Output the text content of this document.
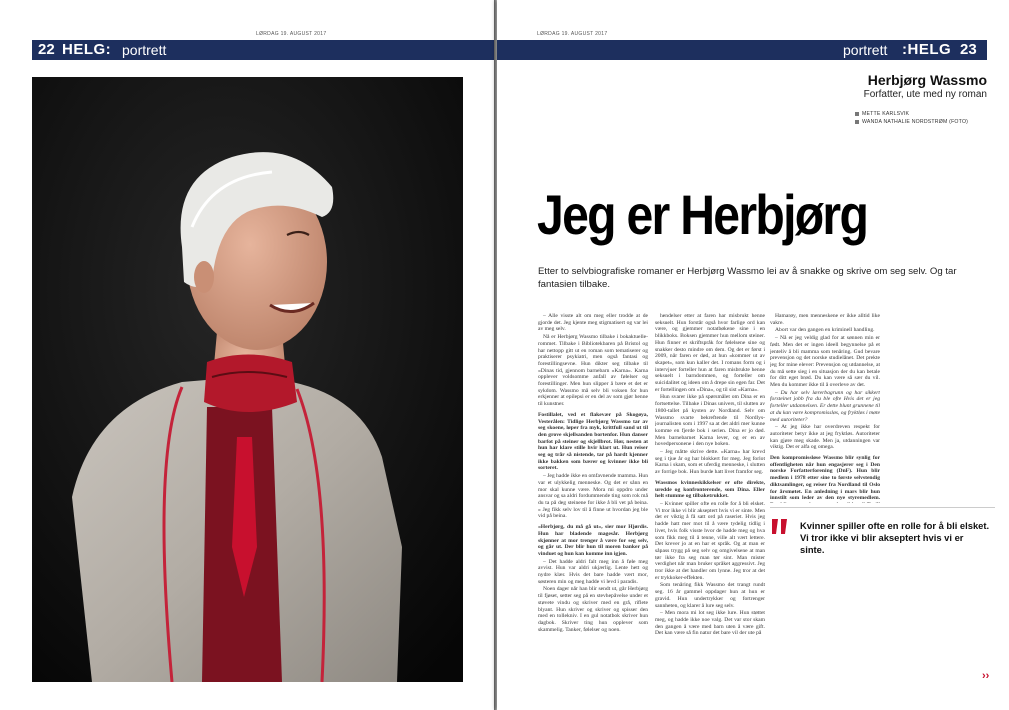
LØRDAG 19. AUGUST 2017
22 HELG: portrett
LØRDAG 19. AUGUST 2017
portrett :HELG 23
Herbjørg Wassmo
Forfatter, ute med ny roman
METTE KARLSVIK
WANDA NATHALIE NORDSTRØM (FOTO)
Jeg er Herbjørg
Etter to selvbiografiske romaner er Herbjørg Wassmo lei av å snakke og skrive om seg selv. Og tar fantasien tilbake.

– Alle visste alt om meg eller trodde at de gjorde det. Jeg kjente meg stigmatisert og var lei av meg selv.

Nå er Herbjørg Wassmo tilbake i bokaktuelle-rommet. Tilbake i Bibliotekbaren på Bristol og har nettopp gitt ut en roman som tematiserer og praktiserer psykiatri, men også fantasi og forestillingsevne. Hun dikter seg tilbake til «Dinas tid, gjennom barnebarn «Karna». Karna opplever voldsomme anfall av følelser og forestillinger. Men hun slipper å bære et det er sykdom. Wassmo må selv bli voksen for hun erkjenner at epilepsi er en del av som gjør henne til kunstner.

Fostillalet, ved et flakevær på Skogøya, Vesterålen: Tidlige Herbjørg Wassmo tar av seg skoene, løper fra myk, krittfull sand ut til den grove skjellsanden bortenfor. Hun danser barfot på steiner og skjellbrot. Hør, nesten at hun har klare stille hvir klart ut. Hun reiser seg og trår så nistende, tar på hardt kjenner ikke bakken som bærer og kvinner ikke bli sorteret.

– Jeg hadde ikke en omfavnende mamma. Hun var et ulykkelig menneske. Og det er sånn en mor skal kunne være. Mora mi oppdro under ansvar og sa aldri fordummende ting som rok må du ta på deg steinene for ikke å bli vet på beina. » Jeg fikk selv lov til å finne ut hvordan jeg ble vid på beina.

«Herbjørg, du må gå ut», sier mor Hjørdis. Hun har bladende magesår. Herbjørg skjønner at mor trenger å være for seg selv, og går ut. Der blir hun til moren banker på vinduet og hun kan komme inn igjen.

– Det hadde aldri falt meg inn å føle meg avvist. Hun var aldri ukjærlig. Lente hett og nydre klær. Hvis det bare hadde vært mor, søsteren min og meg hadde vi levd i paradis.

Noen dager når han blir sendt ut, går Herbjørg til fjøset, setter seg på en stevhepåvelse under et støvete vindu og skriver med en grå, riflete blyant. Hun skriver og skriver og spisser den med en tollekniv. I en gul notatbok skriver hun dagbok. Skriver ting hun opplever som skammelig. Tanker, følelser og noen.

hendelser etter at faren har misbrukt henne seksuelt. Hun forstår også hvor farlige ord kan være, og gjemmer notatbøkene sine i en blikkboks. Boksen gjemmer hun mellom steiner. Hun finner et skriftspråk for følelsene sine og snakker desto mindre om dem. Og det er først i 2009, når faren er død, at hun «kommer ut av skapet», som kun kaller det. I romans form og i intervjuer forteller hun at faren misbrukte henne seksuelt i barndommen, og forteller om suicidalitet og ideen om å drepe sin egen far. Det er fortellingen om «Dina», og til sist «Karna».

Hun svarer ikke på spørsmålet om Dina er en fortsettelse. Tilbake i Dinas univers, til slutten av 1800-tallet på kysten av Nordland. Selv om Wassmo svarte bekreftende til Nordlys-journalisten som i 1997 sa at det aldri mer kunne komme en fjerde bok i serien. Dina er jo død. Men barnebarnet Karna lever, og er en av hovedpersonene i den nye boken.

– Jeg måtte skrive dette. «Karna» har krevd seg i tjue år og har blokkert for meg. Jeg forlot Karna i skam, som et uferdig menneske, i slutten av forrige bok. Hun burde hatt livet framfor seg.

Wassmos kvinneskikkelser er ofte direkte, uredde og konfronterende, som Dina. Eller helt stumme og tilbaketrukket.

– Kvinner spiller ofte en rolle for å bli elsket. Vi tror ikke vi blir akseptert hvis vi er sinte. Men det er viktig å få satt ord på raseriet. Hvis jeg hadde hatt mer mot til å være tydelig tidlig i livet, hvis folk visste hvor de hadde meg og hva som fikk meg til å tenne, ville alt vært lettere. Det krever jo at en har et språk. Og at man er såpass trygg på seg selv og omgivelsene at man tør ikke fra seg man tør sint. Man mister verdighet når man bruker språket aggressivt. Jeg tror ikke at det handler om lynne. Jeg tror at det er trykkoker-effekten.

Som tenåring fikk Wassmo det trangt rundt seg. 16 år gammel oppdager hun at hun er gravid. Hun undertrykker og fortrenger sannheten, og klarer å lure seg selv.

– Men mora mi lot seg ikke lure. Hun støttet meg, og hadde ikke noe valg. Det var stor skam den gangen å være med barn uten å være gift. Det kan være så fin natur det bare vil der ute på

Hamarøy, men menneskene er ikke alltid like vakre.

Abort var den gangen en kriminell handling.

– Nå er jeg veldig glad for at sønnen min er født. Men det er ingen ideell begynnelse på et jentelív å bli mamma som tenåring. Gud bevare prevensjon og det norske studielånet. Det prekte jeg for mine elever: Prevensjon og utdannelse, at du må sette sieg i en situasjon der du kan betale for ditt eget brød. Du kan være så sær du vil. Men du kommer ikke til å overleve av det.

– Du har selv lærerbagrunn og har sikkert forsteinet jobb fra du ble ofte Hvis det er jeg forteller utdannelsen. Er dette blunt grunnene til at du kan være kompromissløs, og fryktløs i møte med autoriteter?

– At jeg ikke har overdreven respekt for autoriteter betyr ikke at jeg fryktløs. Autoriteter kan gjøre meg skade. Men ja, utdanningen var viktig. Det er alfa og omega.

Den kompromissløse Wassmo blir synlig for offentligheten når hun engasjerer seg i Den norske Forfatterforening (DnF). Hun blir medlem i 1978 etter sine to første selvstendig diktsamlinger, og reiser fra Nordland til Oslo for årsmøtet. En anledning i mars blir hun innstilt som leder av den nye styremedlem.

Kvinner spiller ofte en rolle for å bli elsket. Vi tror ikke vi blir akseptert hvis vi er sinte.
››
